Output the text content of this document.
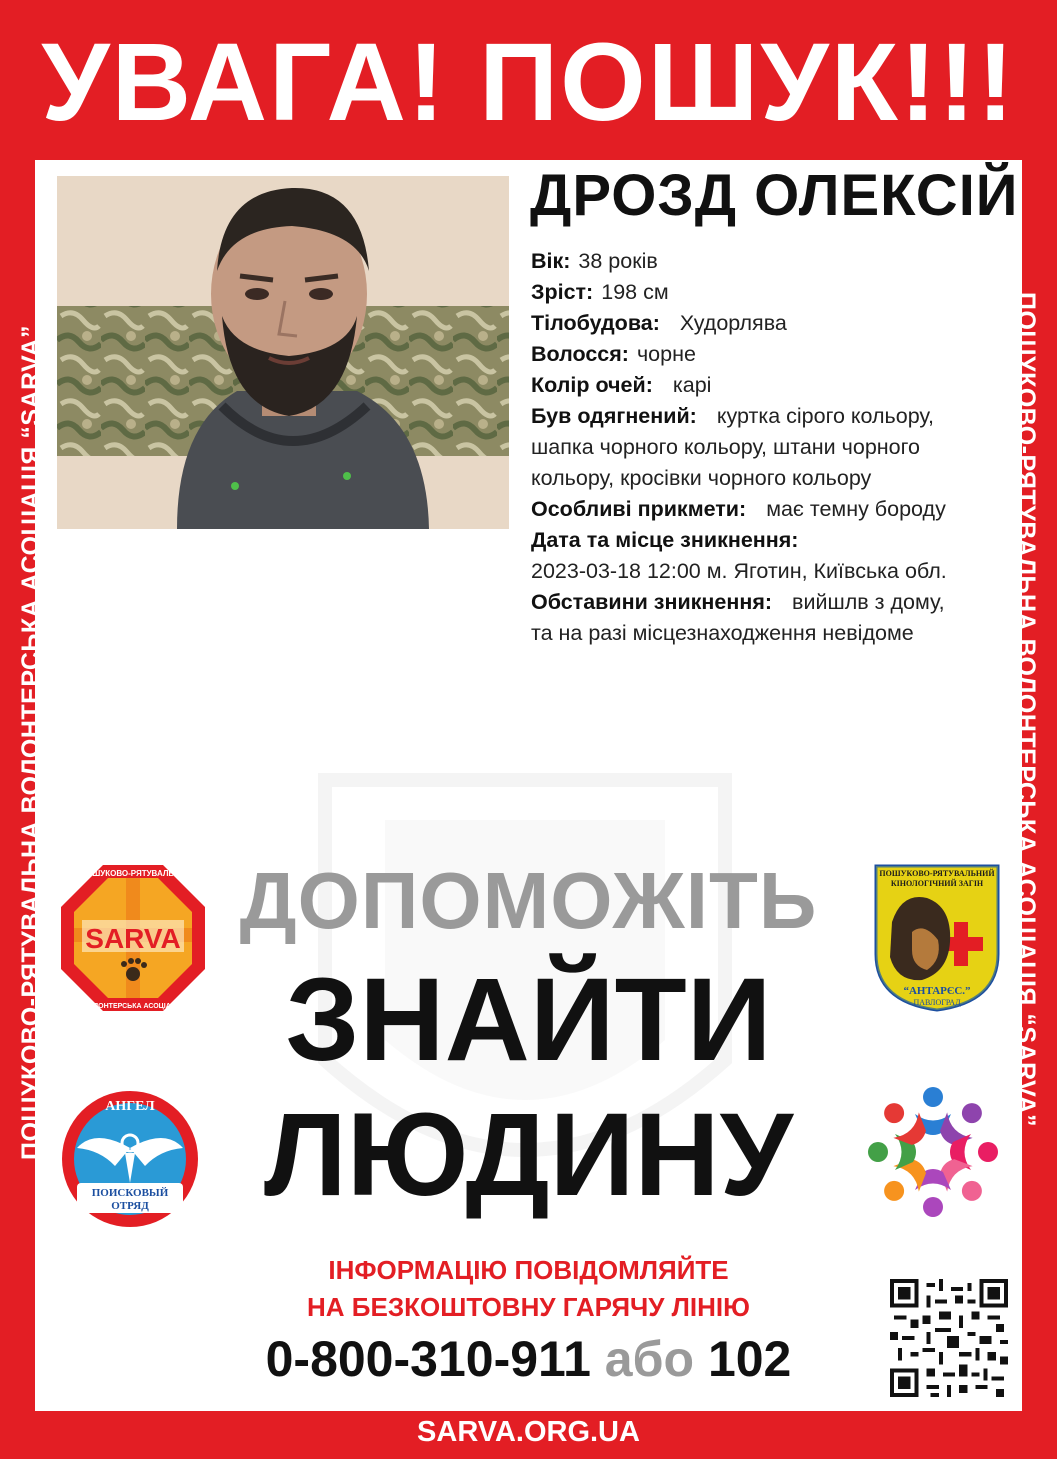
УВАГА! ПОШУК!!!
ПОШУКОВО-РЯТУВАЛЬНА ВОЛОНТЕРСЬКА АСОЦІАЦІЯ “SARVA”	ПОШУКОВО-РЯТУВАЛЬНА ВОЛОНТЕРСЬКА АСОЦІАЦІЯ “SARVA”
ДРОЗД ОЛЕКСІЙ
Вік: 38 років
Зріст: 198 см
Тілобудова: Худорлява
Волосся: чорне
Колір очей: карі
Був одягнений: куртка сірого кольору,
шапка чорного кольору, штани чорного
кольору, кросівки чорного кольору
Особливі прикмети: має темну бороду
Дата та місце зникнення:
2023-03-18 12:00 м. Яготин, Київська обл.
Обставини зникнення: вийшлв з дому,
та на разі місцезнаходження невідоме
ДОПОМОЖІТЬ
ЗНАЙТИ
ЛЮДИНУ
SARVA
ПОШУКОВО-РЯТУВАЛЬНА
ВОЛОНТЕРСЬКА АСОЦІАЦІЯ
ПОШУКОВО-РЯТУВАЛЬНИЙ
КІНОЛОГІЧНИЙ ЗАГІН
“АНТАРЄС.”
ПАВЛОГРАД
АНГЕЛ
ПОИСКОВЫЙ
ОТРЯД
ІНФОРМАЦІЮ ПОВІДОМЛЯЙТЕ
НА БЕЗКОШТОВНУ ГАРЯЧУ ЛІНІЮ
0-800-310-911 або 102
SARVA.ORG.UA
